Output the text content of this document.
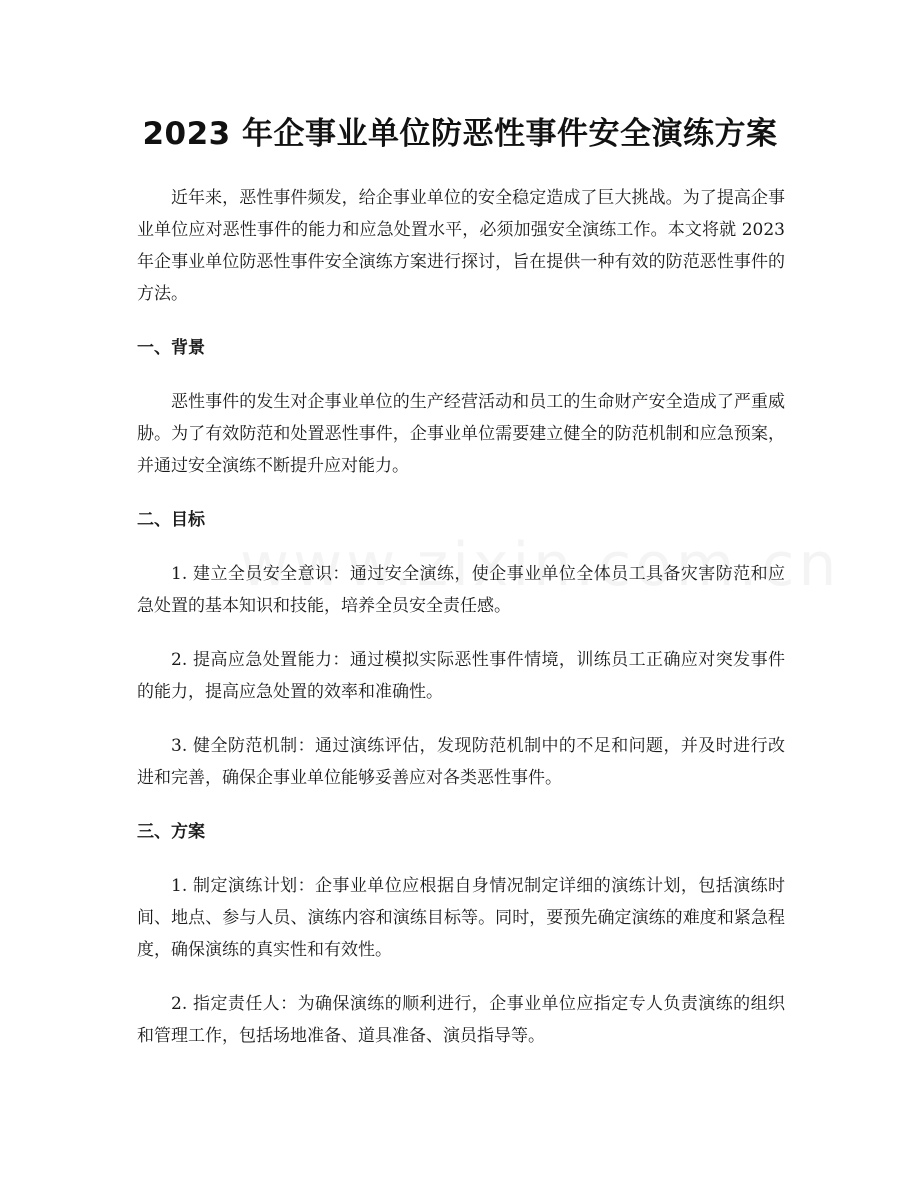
2023 年企事业单位防恶性事件安全演练方案

近年来，恶性事件频发，给企事业单位的安全稳定造成了巨大挑战。为了提高企事业单位应对恶性事件的能力和应急处置水平，必须加强安全演练工作。本文将就 2023 年企事业单位防恶性事件安全演练方案进行探讨，旨在提供一种有效的防范恶性事件的方法。

一、背景

恶性事件的发生对企事业单位的生产经营活动和员工的生命财产安全造成了严重威胁。为了有效防范和处置恶性事件，企事业单位需要建立健全的防范机制和应急预案，并通过安全演练不断提升应对能力。

二、目标

1. 建立全员安全意识：通过安全演练，使企事业单位全体员工具备灾害防范和应急处置的基本知识和技能，培养全员安全责任感。

2. 提高应急处置能力：通过模拟实际恶性事件情境，训练员工正确应对突发事件的能力，提高应急处置的效率和准确性。

3. 健全防范机制：通过演练评估，发现防范机制中的不足和问题，并及时进行改进和完善，确保企事业单位能够妥善应对各类恶性事件。

三、方案

1. 制定演练计划：企事业单位应根据自身情况制定详细的演练计划，包括演练时间、地点、参与人员、演练内容和演练目标等。同时，要预先确定演练的难度和紧急程度，确保演练的真实性和有效性。

2. 指定责任人：为确保演练的顺利进行，企事业单位应指定专人负责演练的组织和管理工作，包括场地准备、道具准备、演员指导等。
